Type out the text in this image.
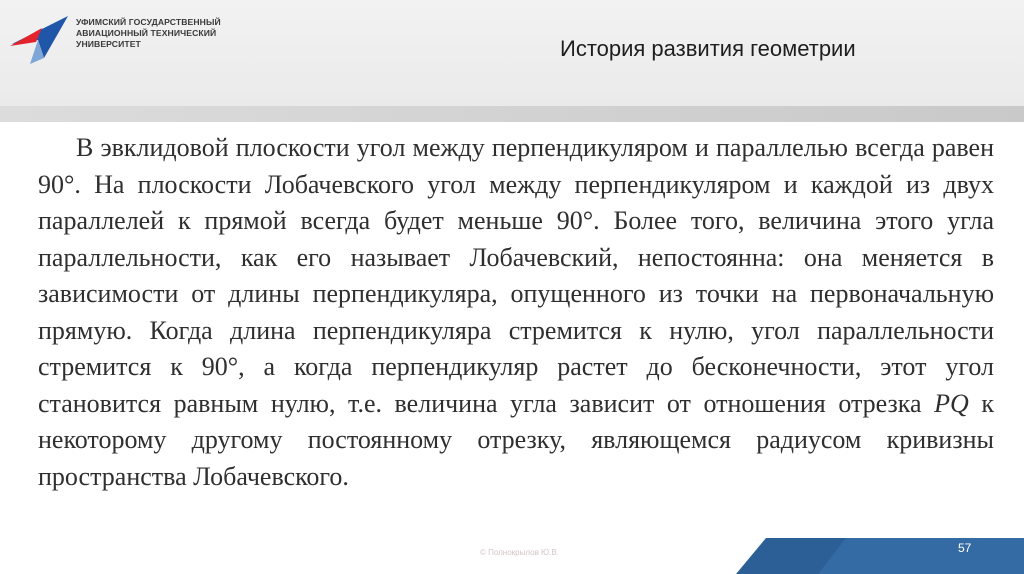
УФИМСКИЙ ГОСУДАРСТВЕННЫЙ
АВИАЦИОННЫЙ ТЕХНИЧЕСКИЙ
УНИВЕРСИТЕТ	История развития геометрии

В эвклидовой плоскости угол между перпендикуляром и параллелью всегда равен 90°. На плоскости Лобачевского угол между перпендикуляром и каждой из двух параллелей к прямой всегда будет меньше 90°. Более того, величина этого угла параллельности, как его называет Лобачевский, непостоянна: она меняется в зависимости от длины перпендикуляра, опущенного из точки на первоначальную прямую. Когда длина перпендикуляра стремится к нулю, угол параллельности стремится к 90°, а когда перпендикуляр растет до бесконечности, этот угол становится равным нулю, т.е. величина угла зависит от отношения отрезка PQ к некоторому другому постоянному отрезку, являющемся радиусом кривизны пространства Лобачевского.

© Полнокрылов Ю.В.	57
